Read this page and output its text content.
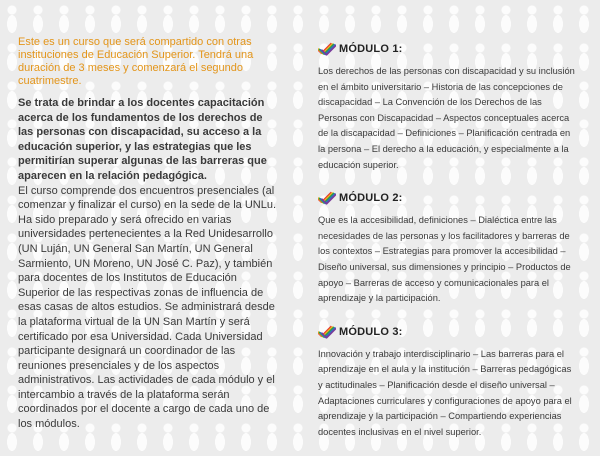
Este es un curso que será compartido con otras instituciones de Educación Superior. Tendrá una duración de 3 meses y comenzará el segundo cuatrimestre.

Se trata de brindar a los docentes capacitación acerca de los fundamentos de los derechos de las personas con discapacidad, su acceso a la educación superior, y las estrategias que les permitirían superar algunas de las barreras que aparecen en la relación pedagógica.

El curso comprende dos encuentros presenciales (al comenzar y finalizar el curso) en la sede de la UNLu. Ha sido preparado y será ofrecido en varias universidades pertenecientes a la Red Unidesarrollo (UN Luján, UN General San Martín, UN General Sarmiento, UN Moreno, UN José C. Paz), y también para docentes de los Institutos de Educación Superior de las respectivas zonas de influencia de esas casas de altos estudios. Se administrará desde la plataforma virtual de la UN San Martín y será certificado por esa Universidad. Cada Universidad participante designará un coordinador de las reuniones presenciales y de los aspectos administrativos. Las actividades de cada módulo y el intercambio a través de la plataforma serán coordinados por el docente a cargo de cada uno de los módulos.

MÓDULO 1:

Los derechos de las personas con discapacidad y su inclusión en el ámbito universitario – Historia de las concepciones de discapacidad – La Convención de los Derechos de las Personas con Discapacidad – Aspectos conceptuales acerca de la discapacidad – Definiciones – Planificación centrada en la persona – El derecho a la educación, y especialmente a la educación superior.

MÓDULO 2:

Que es la accesibilidad, definiciones – Dialéctica entre las necesidades de las personas y los facilitadores y barreras de los contextos – Estrategias para promover la accesibilidad – Diseño universal, sus dimensiones y principio – Productos de apoyo – Barreras de acceso y comunicacionales para el aprendizaje y la participación.

MÓDULO 3:

Innovación y trabajo interdisciplinario – Las barreras para el aprendizaje en el aula y la institución – Barreras pedagógicas y actitudinales – Planificación desde el diseño universal – Adaptaciones curriculares y configuraciones de apoyo para el aprendizaje y la participación – Compartiendo experiencias docentes inclusivas en el nivel superior.
